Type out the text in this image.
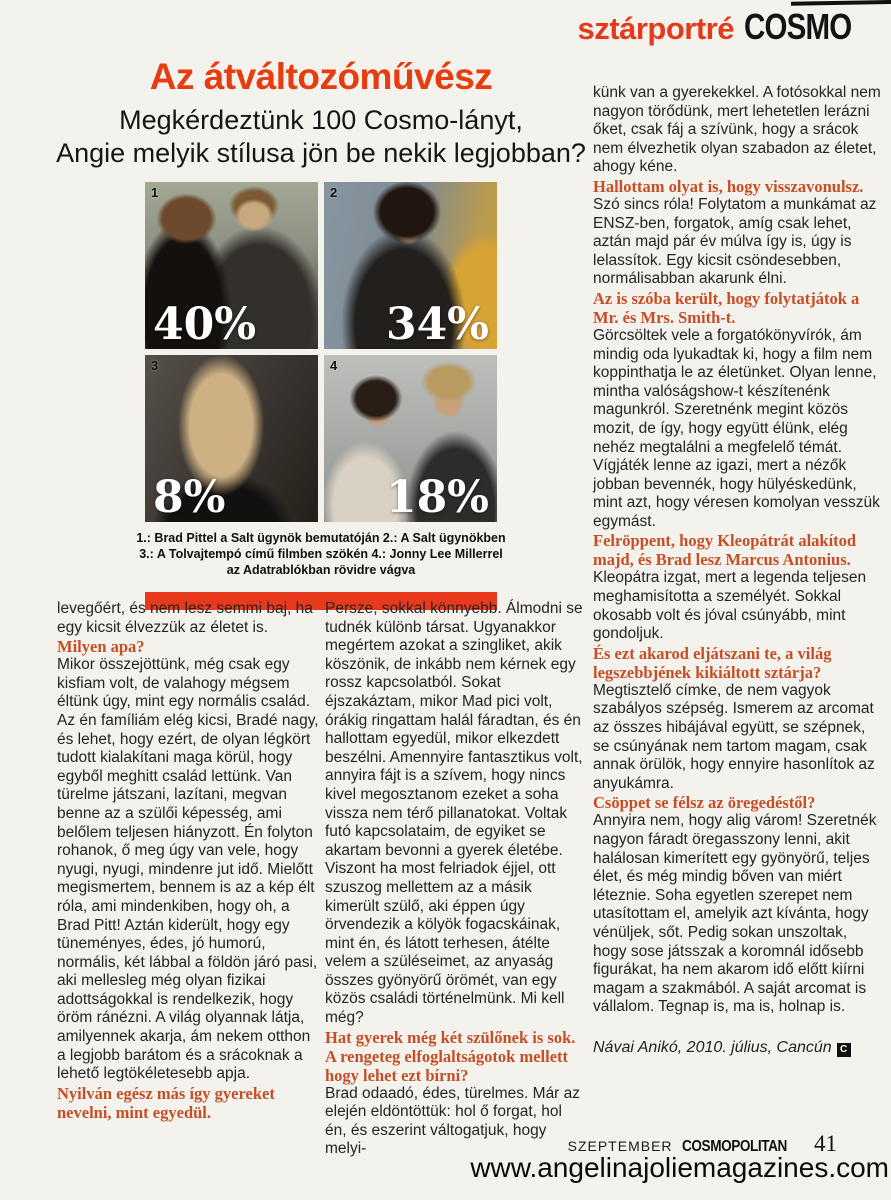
sztárportré COSMO
Az átváltozóművész

Megkérdeztünk 100 Cosmo-lányt,
Angie melyik stílusa jön be nekik legjobban?

1
40%
2
34%
3
8%
4
18%

1.: Brad Pittel a Salt ügynök bemutatóján 2.: A Salt ügynökben
3.: A Tolvajtempó című filmben szökén 4.: Jonny Lee Millerrel
az Adatrablókban rövidre vágva

levegőért, és nem lesz semmi baj, ha egy kicsit élvezzük az életet is.

Milyen apa?

Mikor összejöttünk, még csak egy kisfiam volt, de valahogy mégsem éltünk úgy, mint egy normális család. Az én famíliám elég kicsi, Bradé nagy, és lehet, hogy ezért, de olyan légkört tudott kialakítani maga körül, hogy egyből meghitt család lettünk. Van türelme játszani, lazítani, megvan benne az a szülői képesség, ami belőlem teljesen hiányzott. Én folyton rohanok, ő meg úgy van vele, hogy nyugi, nyugi, mindenre jut idő. Mielőtt megismertem, bennem is az a kép élt róla, ami mindenkiben, hogy oh, a Brad Pitt! Aztán kiderült, hogy egy tüneményes, édes, jó humorú, normális, két lábbal a földön járó pasi, aki mellesleg még olyan fizikai adottságokkal is rendelkezik, hogy öröm ránézni. A világ olyannak látja, amilyennek akarja, ám nekem otthon a legjobb barátom és a srácoknak a lehető legtökéletesebb apja.

Nyilván egész más így gyereket nevelni, mint egyedül.

Persze, sokkal könnyebb. Álmodni se tudnék különb társat. Ugyanakkor megértem azokat a szingliket, akik köszönik, de inkább nem kérnek egy rossz kapcsolatból. Sokat éjszakáztam, mikor Mad pici volt, órákig ringattam halál fáradtan, és én hallottam egyedül, mikor elkezdett beszélni. Amennyire fantasztikus volt, annyira fájt is a szívem, hogy nincs kivel megosztanom ezeket a soha vissza nem térő pillanatokat. Voltak futó kapcsolataim, de egyiket se akartam bevonni a gyerek életébe. Viszont ha most felriadok éjjel, ott szuszog mellettem az a másik kimerült szülő, aki éppen úgy örvendezik a kölyök fogacskáinak, mint én, és látott terhesen, átélte velem a szüléseimet, az anyaság összes gyönyörű örömét, van egy közös családi történelmünk. Mi kell még?

Hat gyerek még két szülőnek is sok. A rengeteg elfoglaltságotok mellett hogy lehet ezt bírni?

Brad odaadó, édes, türelmes. Már az elején eldöntöttük: hol ő forgat, hol én, és eszerint váltogatjuk, hogy melyi-

künk van a gyerekekkel. A fotósokkal nem nagyon törődünk, mert lehetetlen lerázni őket, csak fáj a szívünk, hogy a srácok nem élvezhetik olyan szabadon az életet, ahogy kéne.

Hallottam olyat is, hogy visszavonulsz.

Szó sincs róla! Folytatom a munkámat az ENSZ-ben, forgatok, amíg csak lehet, aztán majd pár év múlva így is, úgy is lelassítok. Egy kicsit csöndesebben, normálisabban akarunk élni.

Az is szóba került, hogy folytatjátok a Mr. és Mrs. Smith-t.

Görcsöltek vele a forgatókönyvírók, ám mindig oda lyukadtak ki, hogy a film nem koppinthatja le az életünket. Olyan lenne, mintha valóságshow-t készítenénk magunkról. Szeretnénk megint közös mozit, de így, hogy együtt élünk, elég nehéz megtalálni a megfelelő témát. Vígjáték lenne az igazi, mert a nézők jobban bevennék, hogy hülyéskedünk, mint azt, hogy véresen komolyan vesszük egymást.

Felröppent, hogy Kleopátrát alakítod majd, és Brad lesz Marcus Antonius.

Kleopátra izgat, mert a legenda teljesen meghamisította a személyét. Sokkal okosabb volt és jóval csúnyább, mint gondoljuk.

És ezt akarod eljátszani te, a világ legszebbjének kikiáltott sztárja?

Megtisztelő címke, de nem vagyok szabályos szépség. Ismerem az arcomat az összes hibájával együtt, se szépnek, se csúnyának nem tartom magam, csak annak örülök, hogy ennyire hasonlítok az anyukámra.

Csöppet se félsz az öregedéstől?

Annyira nem, hogy alig várom! Szeretnék nagyon fáradt öregasszony lenni, akit halálosan kimerített egy gyönyörű, teljes élet, és még mindig bőven van miért léteznie. Soha egyetlen szerepet nem utasítottam el, amelyik azt kívánta, hogy vénüljek, sőt. Pedig sokan unszoltak, hogy sose játsszak a koromnál idősebb figurákat, ha nem akarom idő előtt kiírni magam a szakmából. A saját arcomat is vállalom. Tegnap is, ma is, holnap is.

Návai Anikó, 2010. július, Cancún C

SZEPTEMBER COSMOPOLITAN 41
www.angelinajoliemagazines.com
